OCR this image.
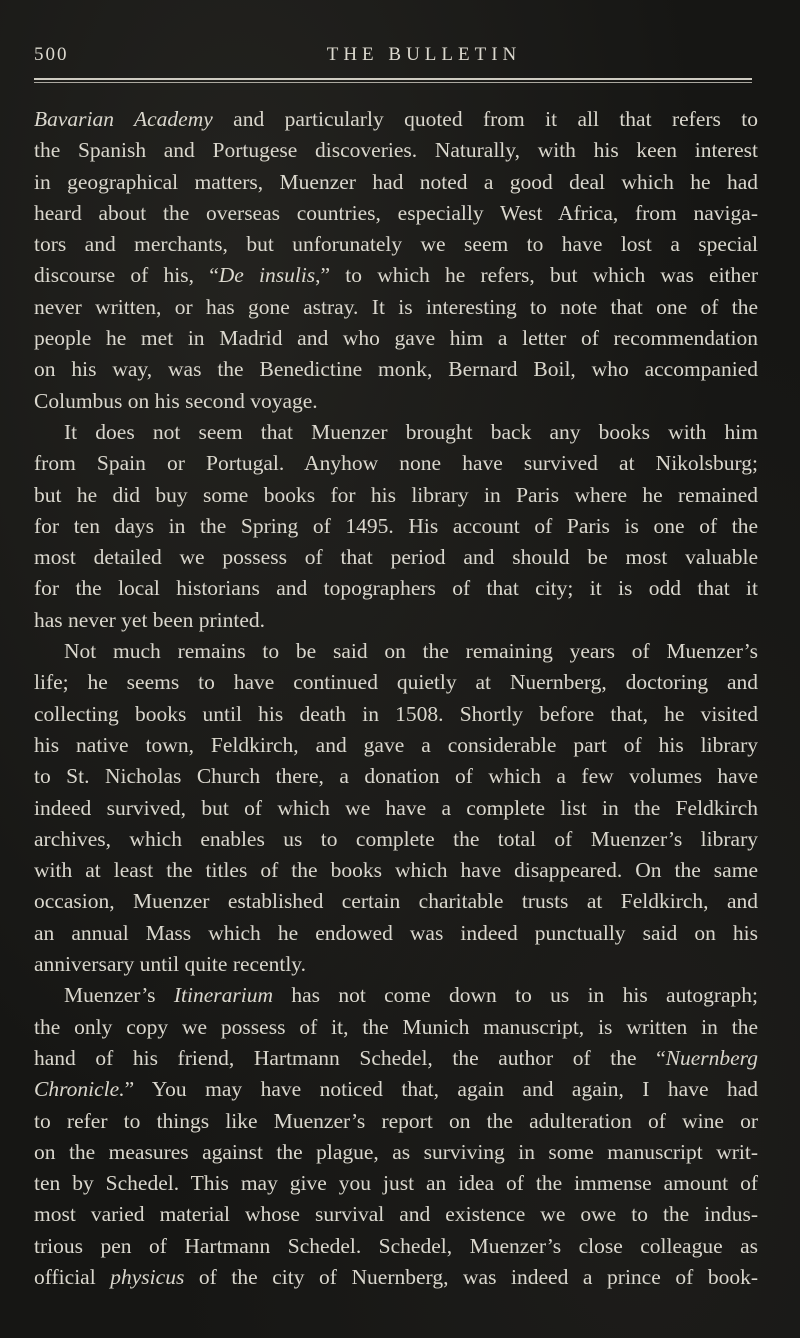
500	THE BULLETIN
Bavarian Academy and particularly quoted from it all that refers to
the Spanish and Portugese discoveries. Naturally, with his keen interest
in geographical matters, Muenzer had noted a good deal which he had
heard about the overseas countries, especially West Africa, from naviga-
tors and merchants, but unforunately we seem to have lost a special
discourse of his, “De insulis,” to which he refers, but which was either
never written, or has gone astray. It is interesting to note that one of the
people he met in Madrid and who gave him a letter of recommendation
on his way, was the Benedictine monk, Bernard Boil, who accompanied
Columbus on his second voyage.
It does not seem that Muenzer brought back any books with him
from Spain or Portugal. Anyhow none have survived at Nikolsburg;
but he did buy some books for his library in Paris where he remained
for ten days in the Spring of 1495. His account of Paris is one of the
most detailed we possess of that period and should be most valuable
for the local historians and topographers of that city; it is odd that it
has never yet been printed.
Not much remains to be said on the remaining years of Muenzer’s
life; he seems to have continued quietly at Nuernberg, doctoring and
collecting books until his death in 1508. Shortly before that, he visited
his native town, Feldkirch, and gave a considerable part of his library
to St. Nicholas Church there, a donation of which a few volumes have
indeed survived, but of which we have a complete list in the Feldkirch
archives, which enables us to complete the total of Muenzer’s library
with at least the titles of the books which have disappeared. On the same
occasion, Muenzer established certain charitable trusts at Feldkirch, and
an annual Mass which he endowed was indeed punctually said on his
anniversary until quite recently.
Muenzer’s Itinerarium has not come down to us in his autograph;
the only copy we possess of it, the Munich manuscript, is written in the
hand of his friend, Hartmann Schedel, the author of the “Nuernberg
Chronicle.” You may have noticed that, again and again, I have had
to refer to things like Muenzer’s report on the adulteration of wine or
on the measures against the plague, as surviving in some manuscript writ-
ten by Schedel. This may give you just an idea of the immense amount of
most varied material whose survival and existence we owe to the indus-
trious pen of Hartmann Schedel. Schedel, Muenzer’s close colleague as
official physicus of the city of Nuernberg, was indeed a prince of book-
